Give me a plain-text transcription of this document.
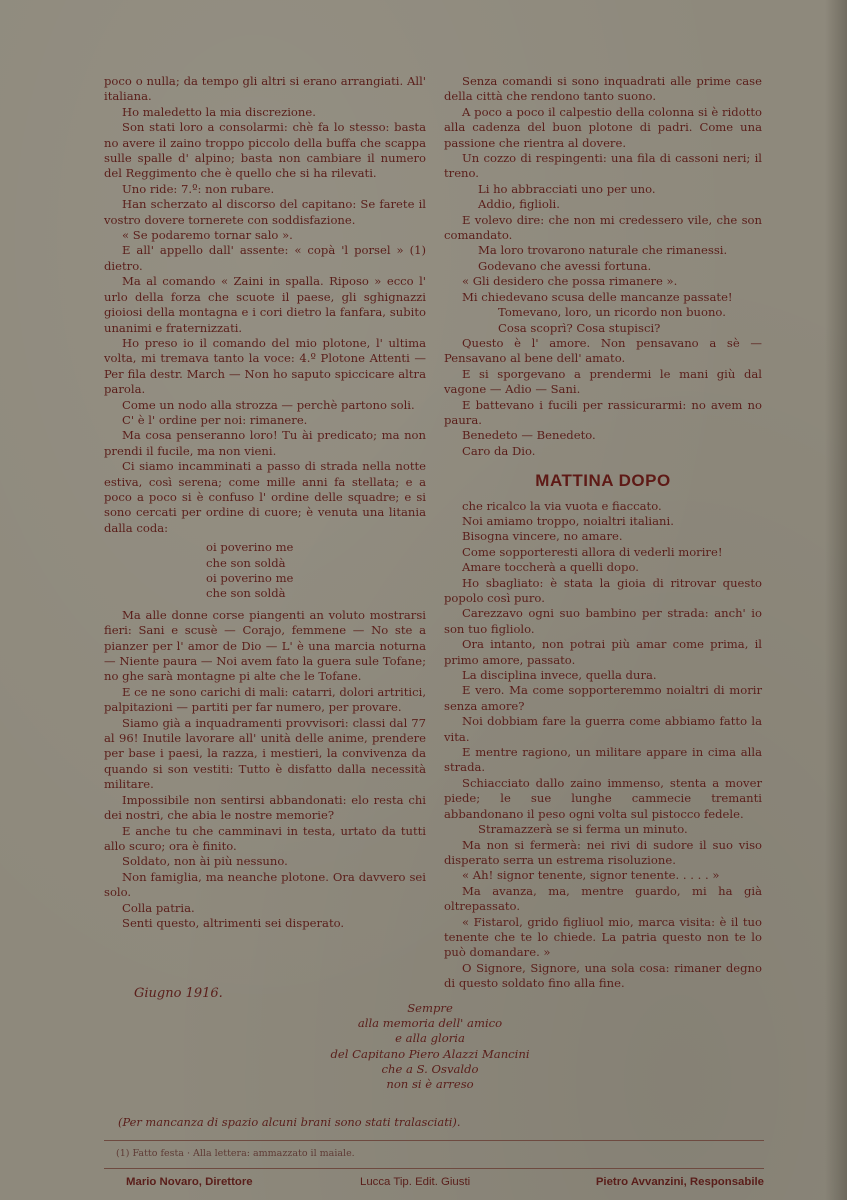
poco o nulla; da tempo gli altri si erano arrangiati. All' italiana.

Ho maledetto la mia discrezione.

Son stati loro a consolarmi: chè fa lo stesso: basta no avere il zaino troppo piccolo della buffa che scappa sulle spalle d' alpino; basta non cambiare il numero del Reggimento che è quello che si ha rilevati.

Uno ride: 7.º: non rubare.

Han scherzato al discorso del capitano: Se farete il vostro dovere tornerete con soddisfazione.

« Se podaremo tornar salo ».

E all' appello dall' assente: « copà 'l porsel » (1) dietro.

Ma al comando « Zaini in spalla. Riposo » ecco l' urlo della forza che scuote il paese, gli sghignazzi gioiosi della montagna e i cori dietro la fanfara, subito unanimi e fraternizzati.

Ho preso io il comando del mio plotone, l' ultima volta, mi tremava tanto la voce: 4.º Plotone Attenti — Per fila destr. March — Non ho saputo spiccicare altra parola.

Come un nodo alla strozza — perchè partono soli.

C' è l' ordine per noi: rimanere.

Ma cosa penseranno loro! Tu ài predicato; ma non prendi il fucile, ma non vieni.

Ci siamo incamminati a passo di strada nella notte estiva, così serena; come mille anni fa stellata; e a poco a poco si è confuso l' ordine delle squadre; e si sono cercati per ordine di cuore; è venuta una litania dalla coda:

oi poverino me
che son soldà
oi poverino me
che son soldà

Ma alle donne corse piangenti an voluto mostrarsi fieri: Sani e scusè — Corajo, femmene — No ste a pianzer per l' amor de Dio — L' è una marcia noturna — Niente paura — Noi avem fato la guera sule Tofane; no ghe sarà montagne pi alte che le Tofane.

E ce ne sono carichi di mali: catarri, dolori artritici, palpitazioni — partiti per far numero, per provare.

Siamo già a inquadramenti provvisori: classi dal 77 al 96! Inutile lavorare all' unità delle anime, prendere per base i paesi, la razza, i mestieri, la convivenza da quando si son vestiti: Tutto è disfatto dalla necessità militare.

Impossibile non sentirsi abbandonati: elo resta chi dei nostri, che abia le nostre memorie?

E anche tu che camminavi in testa, urtato da tutti allo scuro; ora è finito.

Soldato, non ài più nessuno.

Non famiglia, ma neanche plotone. Ora davvero sei solo.

Colla patria.

Senti questo, altrimenti sei disperato.

Senza comandi si sono inquadrati alle prime case della città che rendono tanto suono.

A poco a poco il calpestio della colonna si è ridotto alla cadenza del buon plotone di padri. Come una passione che rientra al dovere.

Un cozzo di respingenti: una fila di cassoni neri; il treno.

Li ho abbracciati uno per uno.

Addio, figlioli.

E volevo dire: che non mi credessero vile, che son comandato.

Ma loro trovarono naturale che rimanessi.

Godevano che avessi fortuna.

« Gli desidero che possa rimanere ».

Mi chiedevano scusa delle mancanze passate!

Tomevano, loro, un ricordo non buono.

Cosa scoprì? Cosa stupisci?

Questo è l' amore. Non pensavano a sè — Pensavano al bene dell' amato.

E si sporgevano a prendermi le mani giù dal vagone — Adio — Sani.

E battevano i fucili per rassicurarmi: no avem no paura.

Benedeto — Benedeto.

Caro da Dio.

MATTINA DOPO

che ricalco la via vuota e fiaccato.

Noi amiamo troppo, noialtri italiani.

Bisogna vincere, no amare.

Come sopporteresti allora di vederli morire!

Amare toccherà a quelli dopo.

Ho sbagliato: è stata la gioia di ritrovar questo popolo così puro.

Carezzavo ogni suo bambino per strada: anch' io son tuo figliolo.

Ora intanto, non potrai più amar come prima, il primo amore, passato.

La disciplina invece, quella dura.

E vero. Ma come sopporteremmo noialtri di morir senza amore?

Noi dobbiam fare la guerra come abbiamo fatto la vita.

E mentre ragiono, un militare appare in cima alla strada.

Schiacciato dallo zaino immenso, stenta a mover piede; le sue lunghe cammecie tremanti abbandonano il peso ogni volta sul pistocco fedele.

Stramazzerà se si ferma un minuto.

Ma non si fermerà: nei rivi di sudore il suo viso disperato serra un estrema risoluzione.

« Ah! signor tenente, signor tenente. . . . . »

Ma avanza, ma, mentre guardo, mi ha già oltrepassato.

« Fistarol, grido figliuol mio, marca visita: è il tuo tenente che te lo chiede. La patria questo non te lo può domandare. »

O Signore, Signore, una sola cosa: rimaner degno di questo soldato fino alla fine.

Giugno 1916.
Sempre
alla memoria dell' amico
e alla gloria
del Capitano Piero Alazzi Mancini
che a S. Osvaldo
non si è arreso
(Per mancanza di spazio alcuni brani sono stati tralasciati).
(1) Fatto festa · Alla lettera: ammazzato il maiale.
Mario Novaro, Direttore	Lucca Tip. Edit. Giusti	Pietro Avvanzini, Responsabile
